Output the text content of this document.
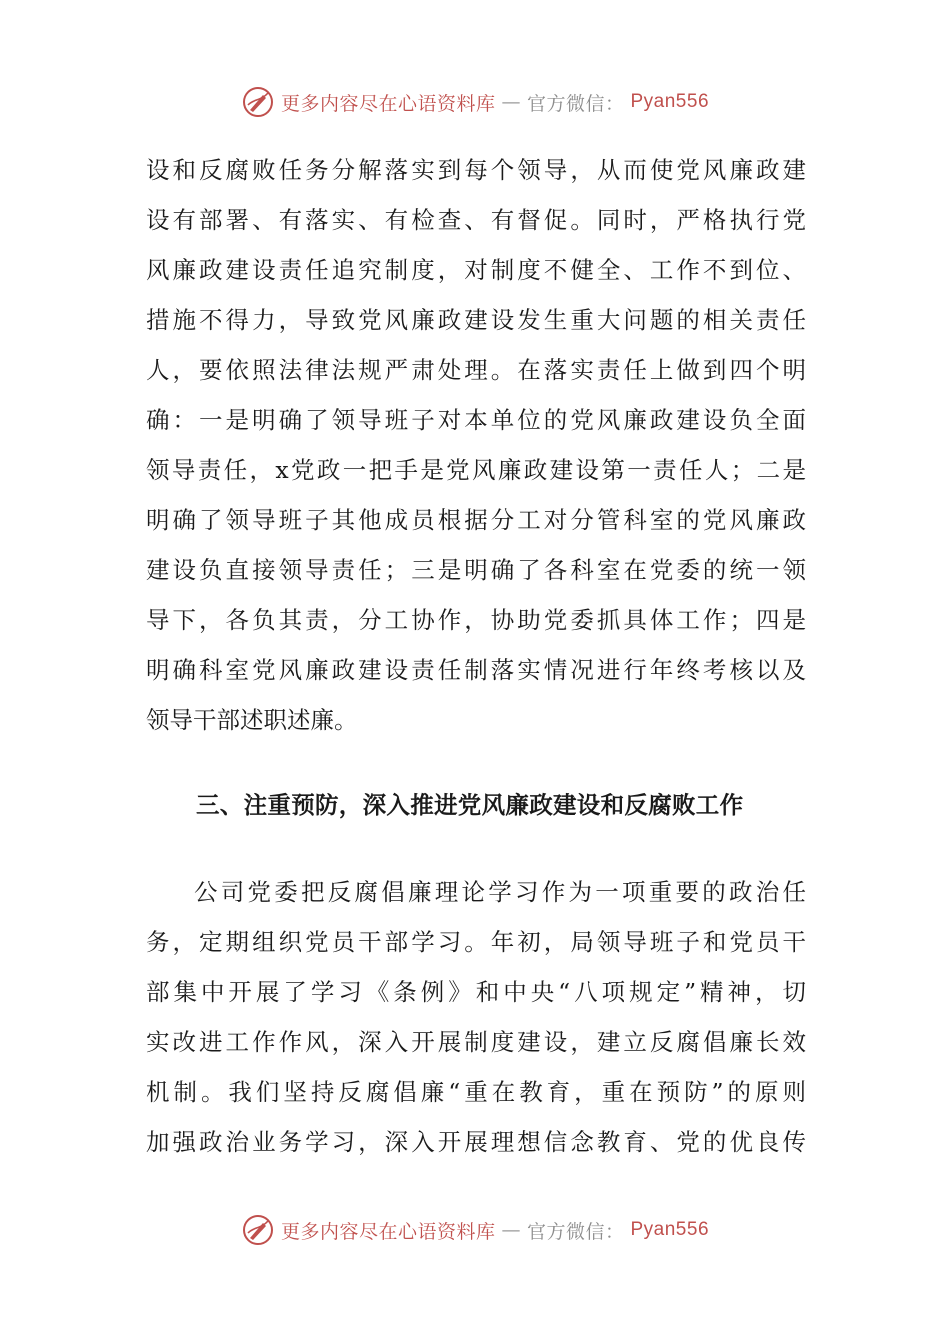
更多内容尽在心语资料库 — 官方微信： Pyan556
设和反腐败任务分解落实到每个领导，从而使党风廉政建
设有部署、有落实、有检查、有督促。同时，严格执行党
风廉政建设责任追究制度，对制度不健全、工作不到位、
措施不得力，导致党风廉政建设发生重大问题的相关责任
人，要依照法律法规严肃处理。在落实责任上做到四个明
确：一是明确了领导班子对本单位的党风廉政建设负全面
领导责任，x党政一把手是党风廉政建设第一责任人；二是
明确了领导班子其他成员根据分工对分管科室的党风廉政
建设负直接领导责任；三是明确了各科室在党委的统一领
导下，各负其责，分工协作，协助党委抓具体工作；四是
明确科室党风廉政建设责任制落实情况进行年终考核以及
领导干部述职述廉。
三、注重预防，深入推进党风廉政建设和反腐败工作
公司党委把反腐倡廉理论学习作为一项重要的政治任
务，定期组织党员干部学习。年初，局领导班子和党员干
部集中开展了学习《条例》和中央“八项规定”精神，切
实改进工作作风，深入开展制度建设，建立反腐倡廉长效
机制。我们坚持反腐倡廉“重在教育，重在预防”的原则
加强政治业务学习，深入开展理想信念教育、党的优良传
更多内容尽在心语资料库 — 官方微信： Pyan556
